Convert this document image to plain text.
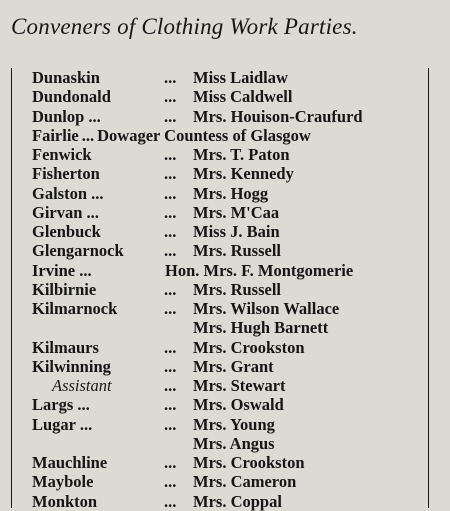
Conveners of Clothing Work Parties.
Dunaskin	... Miss Laidlaw
Dundonald	... Miss Caldwell
Dunlop ...	... Mrs. Houison-Craufurd
Fairlie ... Dowager Countess of Glasgow
Fenwick	... Mrs. T. Paton
Fisherton	... Mrs. Kennedy
Galston ...	... Mrs. Hogg
Girvan ...	... Mrs. M'Caa
Glenbuck	... Miss J. Bain
Glengarnock ... Mrs. Russell
Irvine ...	Hon. Mrs. F. Montgomerie
Kilbirnie	... Mrs. Russell
Kilmarnock	... Mrs. Wilson Wallace
Mrs. Hugh Barnett
Kilmaurs	... Mrs. Crookston
Kilwinning	... Mrs. Grant
Assistant	... Mrs. Stewart
Largs ...	... Mrs. Oswald
Lugar ...	... Mrs. Young
Mrs. Angus
Mauchline	... Mrs. Crookston
Maybole	... Mrs. Cameron
Monkton	... Mrs. Coppal
